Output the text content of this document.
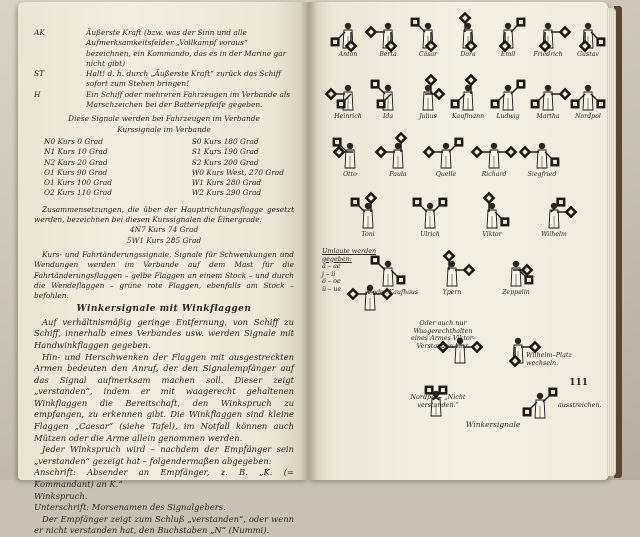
AK	Äußerste Kraft (bzw. was der Sinn und alle Aufmerksamkeitsfelder „Vollkampf voraus“ bezeichnen, ein Kommando, das es in der Marine gar nicht gibt)
ST	Halt! d. h. durch „Äußerste Kraft“ zurück das Schiff sofort zum Stehen bringen!
H	Ein Schiff oder mehreren Fahrzeugen im Verbande als Marschzeichen bei der Batteriepfeife gegeben.

Diese Signale werden bei Fahrzeugen im Verbande

Kurssignale im Verbande

N0 Kurs 0 Grad
N1 Kurs 10 Grad
N2 Kurs 20 Grad
O1 Kurs 90 Grad
O1 Kurs 100 Grad
O2 Kurs 110 Grad
S0 Kurs 180 Grad
S1 Kurs 190 Grad
S2 Kurs 200 Grad
W0 Kurs West, 270 Grad
W1 Kurs 280 Grad
W2 Kurs 290 Grad

Zusammensetzungen, die über der Hauptrichtungsflagge gesetzt werden, bezeichnen bei diesen Kurssignalen die Einergrade:

4N7 Kurs 74 Grad
5W1 Kurs 285 Grad

Kurs- und Fahrtänderungssignale, Signale für Schwenkungen und Wendungen werden im Verbande auf dem Mast für die Fahrtänderungsflaggen – gelbe Flaggen an einem Stock – und durch die Wendeflaggen – grüne rote Flaggen, ebenfalls am Stock – befohlen.

Winkersignale mit Winkflaggen

Auf verhältnismäßig geringe Entfernung, von Schiff zu Schiff, innerhalb eines Verbandes usw. werden Signale mit Handwinkflaggen gegeben.

Hin- und Herschwenken der Flaggen mit ausgestreckten Armen bedeuten den Anruf, der den Signalempfänger auf das Signal aufmerksam machen soll. Dieser zeigt „verstanden“, indem er mit waagerecht gehaltenen Winkflaggen die Bereitschaft, den Winkspruch zu empfangen, zu erkennen gibt. Die Winkflaggen sind kleine Flaggen „Caesar“ (siehe Tafel), im Notfall können auch Mützen oder die Arme allein genommen werden.

Jeder Winkspruch wird – nachdem der Empfänger sein „verstanden“ gezeigt hat – folgendermaßen abgegeben:

Anschrift: Absender an Empfänger, z. B. „K. (= Kommandant) an K.“

Winkspruch.

Unterschrift: Morsenamen des Signalgebers.

Der Empfänger zeigt zum Schluß „verstanden“, oder wenn er nicht verstanden hat, den Buchstaben „N“ (Nummi).

Anton	Berta	Cäsar	Dora	Emil	Friedrich	Gustav
Heinrich	Ida	Julius	Kaufmann	Ludwig	Martha	Nordpol
Otto	Paula	Quelle	Richard	Siegfried
Toni	Ulrich	Viktor	Wilhelm
X oder Kaufhaus	Ypern	Zeppelin
Umlaute werden gegeben:
ä – ae
j – ii
ö – oe
ü – ue
Oder auch nur Waagerechthalten eines Armes Viktor-Verstanden klar.
Wilhelm–Platz wechseln.
Nordpol – „Nicht verstanden.“	ausstreichen.
Winkersignale
111
